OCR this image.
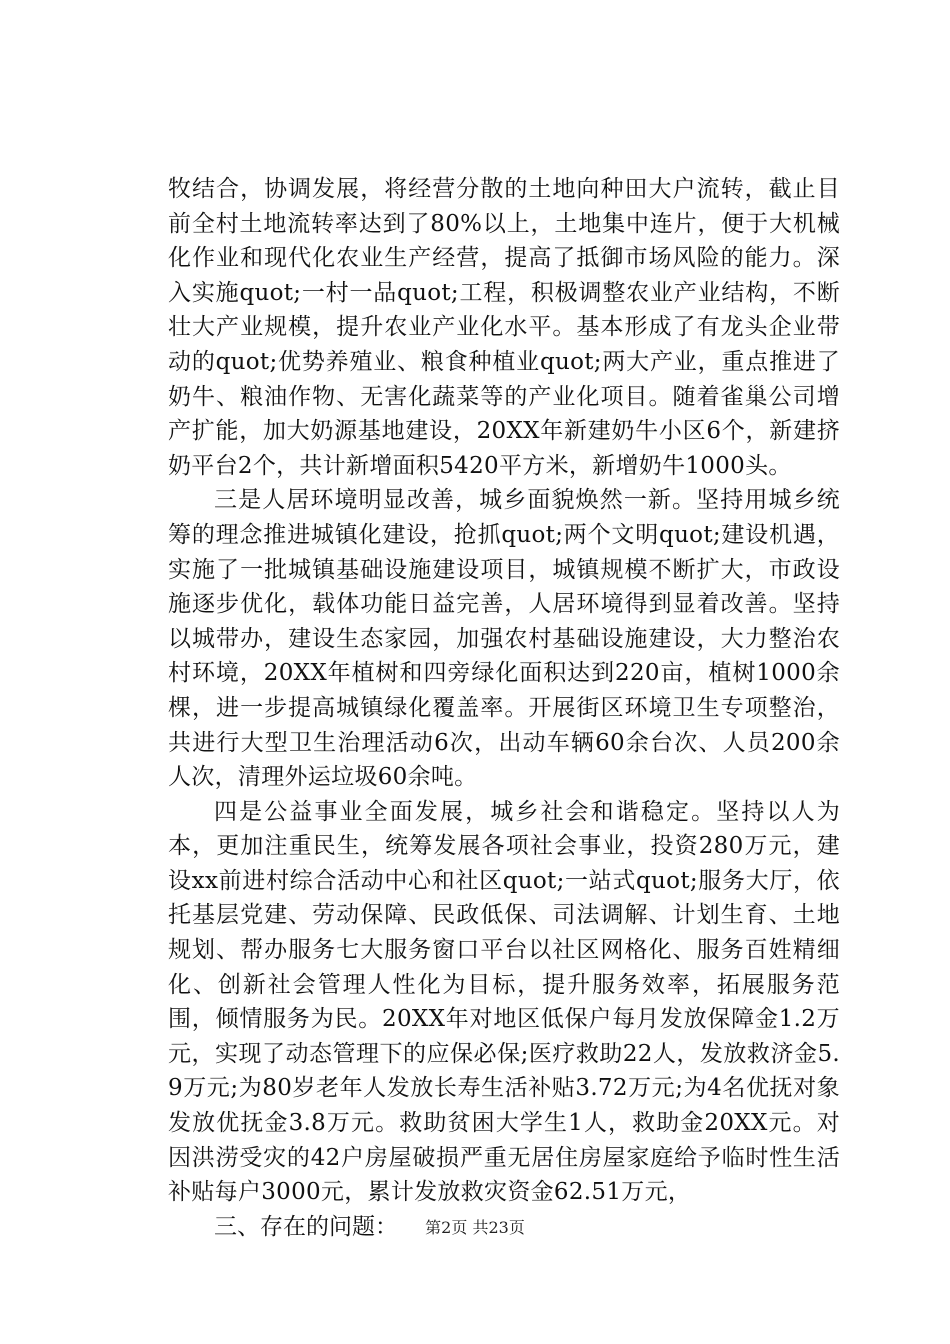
牧结合，协调发展，将经营分散的土地向种田大户流转，截止目前全村土地流转率达到了80%以上，土地集中连片，便于大机械化作业和现代化农业生产经营，提高了抵御市场风险的能力。深入实施quot;一村一品quot;工程，积极调整农业产业结构，不断壮大产业规模，提升农业产业化水平。基本形成了有龙头企业带动的quot;优势养殖业、粮食种植业quot;两大产业，重点推进了奶牛、粮油作物、无害化蔬菜等的产业化项目。随着雀巢公司增产扩能，加大奶源基地建设，20XX年新建奶牛小区6个，新建挤奶平台2个，共计新增面积5420平方米，新增奶牛1000头。

三是人居环境明显改善，城乡面貌焕然一新。坚持用城乡统筹的理念推进城镇化建设，抢抓quot;两个文明quot;建设机遇，实施了一批城镇基础设施建设项目，城镇规模不断扩大，市政设施逐步优化，载体功能日益完善，人居环境得到显着改善。坚持以城带办，建设生态家园，加强农村基础设施建设，大力整治农村环境，20XX年植树和四旁绿化面积达到220亩，植树1000余棵，进一步提高城镇绿化覆盖率。开展街区环境卫生专项整治，共进行大型卫生治理活动6次，出动车辆60余台次、人员200余人次，清理外运垃圾60余吨。

四是公益事业全面发展，城乡社会和谐稳定。坚持以人为本，更加注重民生，统筹发展各项社会事业，投资280万元，建设xx前进村综合活动中心和社区quot;一站式quot;服务大厅，依托基层党建、劳动保障、民政低保、司法调解、计划生育、土地规划、帮办服务七大服务窗口平台以社区网格化、服务百姓精细化、创新社会管理人性化为目标，提升服务效率，拓展服务范围，倾情服务为民。20XX年对地区低保户每月发放保障金1.2万元，实现了动态管理下的应保必保;医疗救助22人，发放救济金5.9万元;为80岁老年人发放长寿生活补贴3.72万元;为4名优抚对象发放优抚金3.8万元。救助贫困大学生1人，救助金20XX元。对因洪涝受灾的42户房屋破损严重无居住房屋家庭给予临时性生活补贴每户3000元，累计发放救灾资金62.51万元，

三、存在的问题：	第2页 共23页
